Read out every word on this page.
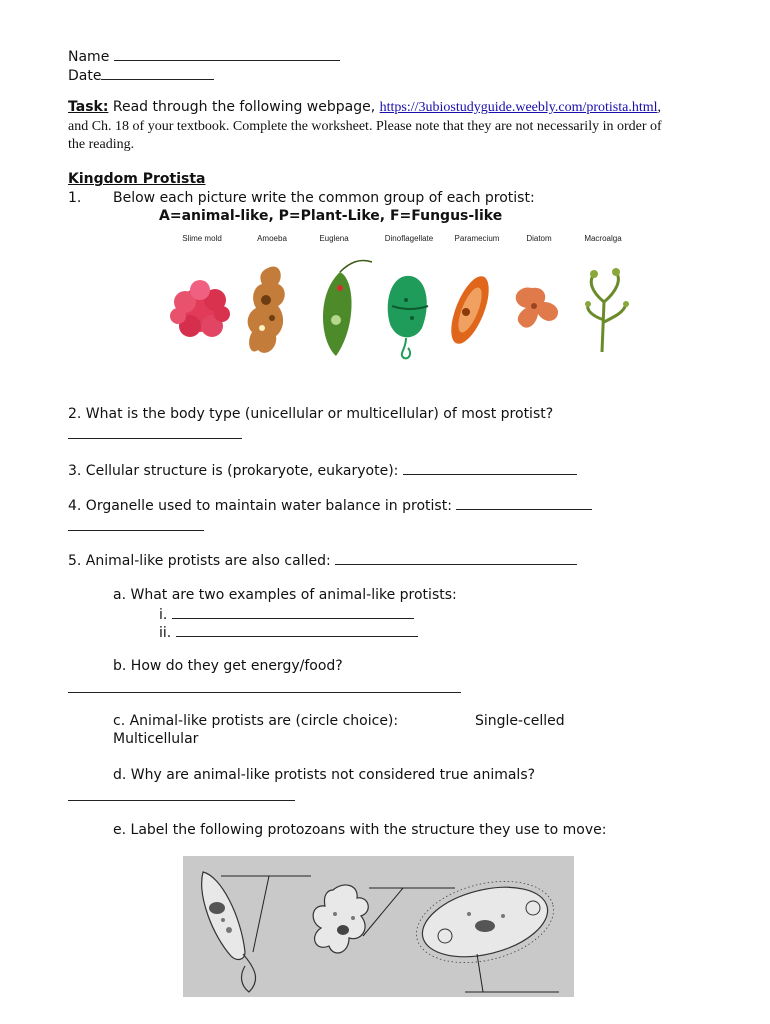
Name
Date
Task: Read through the following webpage, https://3ubiostudyguide.weebly.com/protista.html,
and Ch. 18 of your textbook. Complete the worksheet. Please note that they are not necessarily in order of
the reading.
Kingdom Protista
1. Below each picture write the common group of each protist:
A=animal-like, P=Plant-Like, F=Fungus-like
Slime mold	Amoeba	Euglena	Dinoflagellate	Paramecium	Diatom	Macroalga
2. What is the body type (unicellular or multicellular) of most protist?
3. Cellular structure is (prokaryote, eukaryote):
4. Organelle used to maintain water balance in protist:
5. Animal-like protists are also called:
a. What are two examples of animal-like protists:
i.
ii.
b. How do they get energy/food?
c. Animal-like protists are (circle choice):	Single-celled
Multicellular
d. Why are animal-like protists not considered true animals?
e. Label the following protozoans with the structure they use to move:
